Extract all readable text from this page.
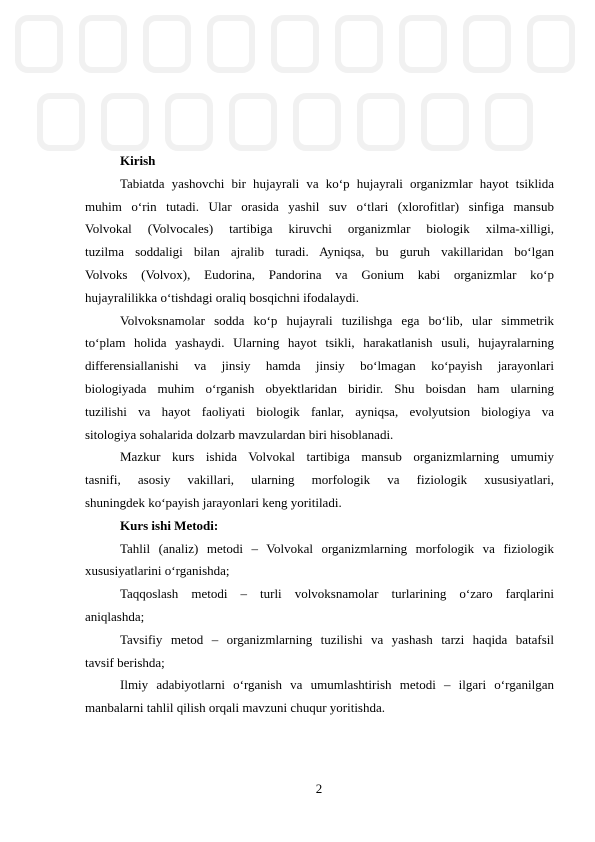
Kirish
Tabiatda yashovchi bir hujayrali va ko‘p hujayrali organizmlar hayot tsiklida
muhim o‘rin tutadi. Ular orasida yashil suv o‘tlari (xlorofitlar) sinfiga mansub
Volvokal (Volvocales) tartibiga kiruvchi organizmlar biologik xilma-xilligi,
tuzilma soddaligi bilan ajralib turadi. Ayniqsa, bu guruh vakillaridan bo‘lgan
Volvoks (Volvox), Eudorina, Pandorina va Gonium kabi organizmlar ko‘p
hujayralilikka o‘tishdagi oraliq bosqichni ifodalaydi.
Volvoksnamolar sodda ko‘p hujayrali tuzilishga ega bo‘lib, ular simmetrik
to‘plam holida yashaydi. Ularning hayot tsikli, harakatlanish usuli, hujayralarning
differensiallanishi va jinsiy hamda jinsiy bo‘lmagan ko‘payish jarayonlari
biologiyada muhim o‘rganish obyektlaridan biridir. Shu boisdan ham ularning
tuzilishi va hayot faoliyati biologik fanlar, ayniqsa, evolyutsion biologiya va
sitologiya sohalarida dolzarb mavzulardan biri hisoblanadi.
Mazkur kurs ishida Volvokal tartibiga mansub organizmlarning umumiy
tasnifi, asosiy vakillari, ularning morfologik va fiziologik xususiyatlari,
shuningdek ko‘payish jarayonlari keng yoritiladi.
Kurs ishi Metodi:
Tahlil (analiz) metodi – Volvokal organizmlarning morfologik va fiziologik
xususiyatlarini o‘rganishda;
Taqqoslash metodi – turli volvoksnamolar turlarining o‘zaro farqlarini
aniqlashda;
Tavsifiy metod – organizmlarning tuzilishi va yashash tarzi haqida batafsil
tavsif berishda;
Ilmiy adabiyotlarni o‘rganish va umumlashtirish metodi – ilgari o‘rganilgan
manbalarni tahlil qilish orqali mavzuni chuqur yoritishda.
2
